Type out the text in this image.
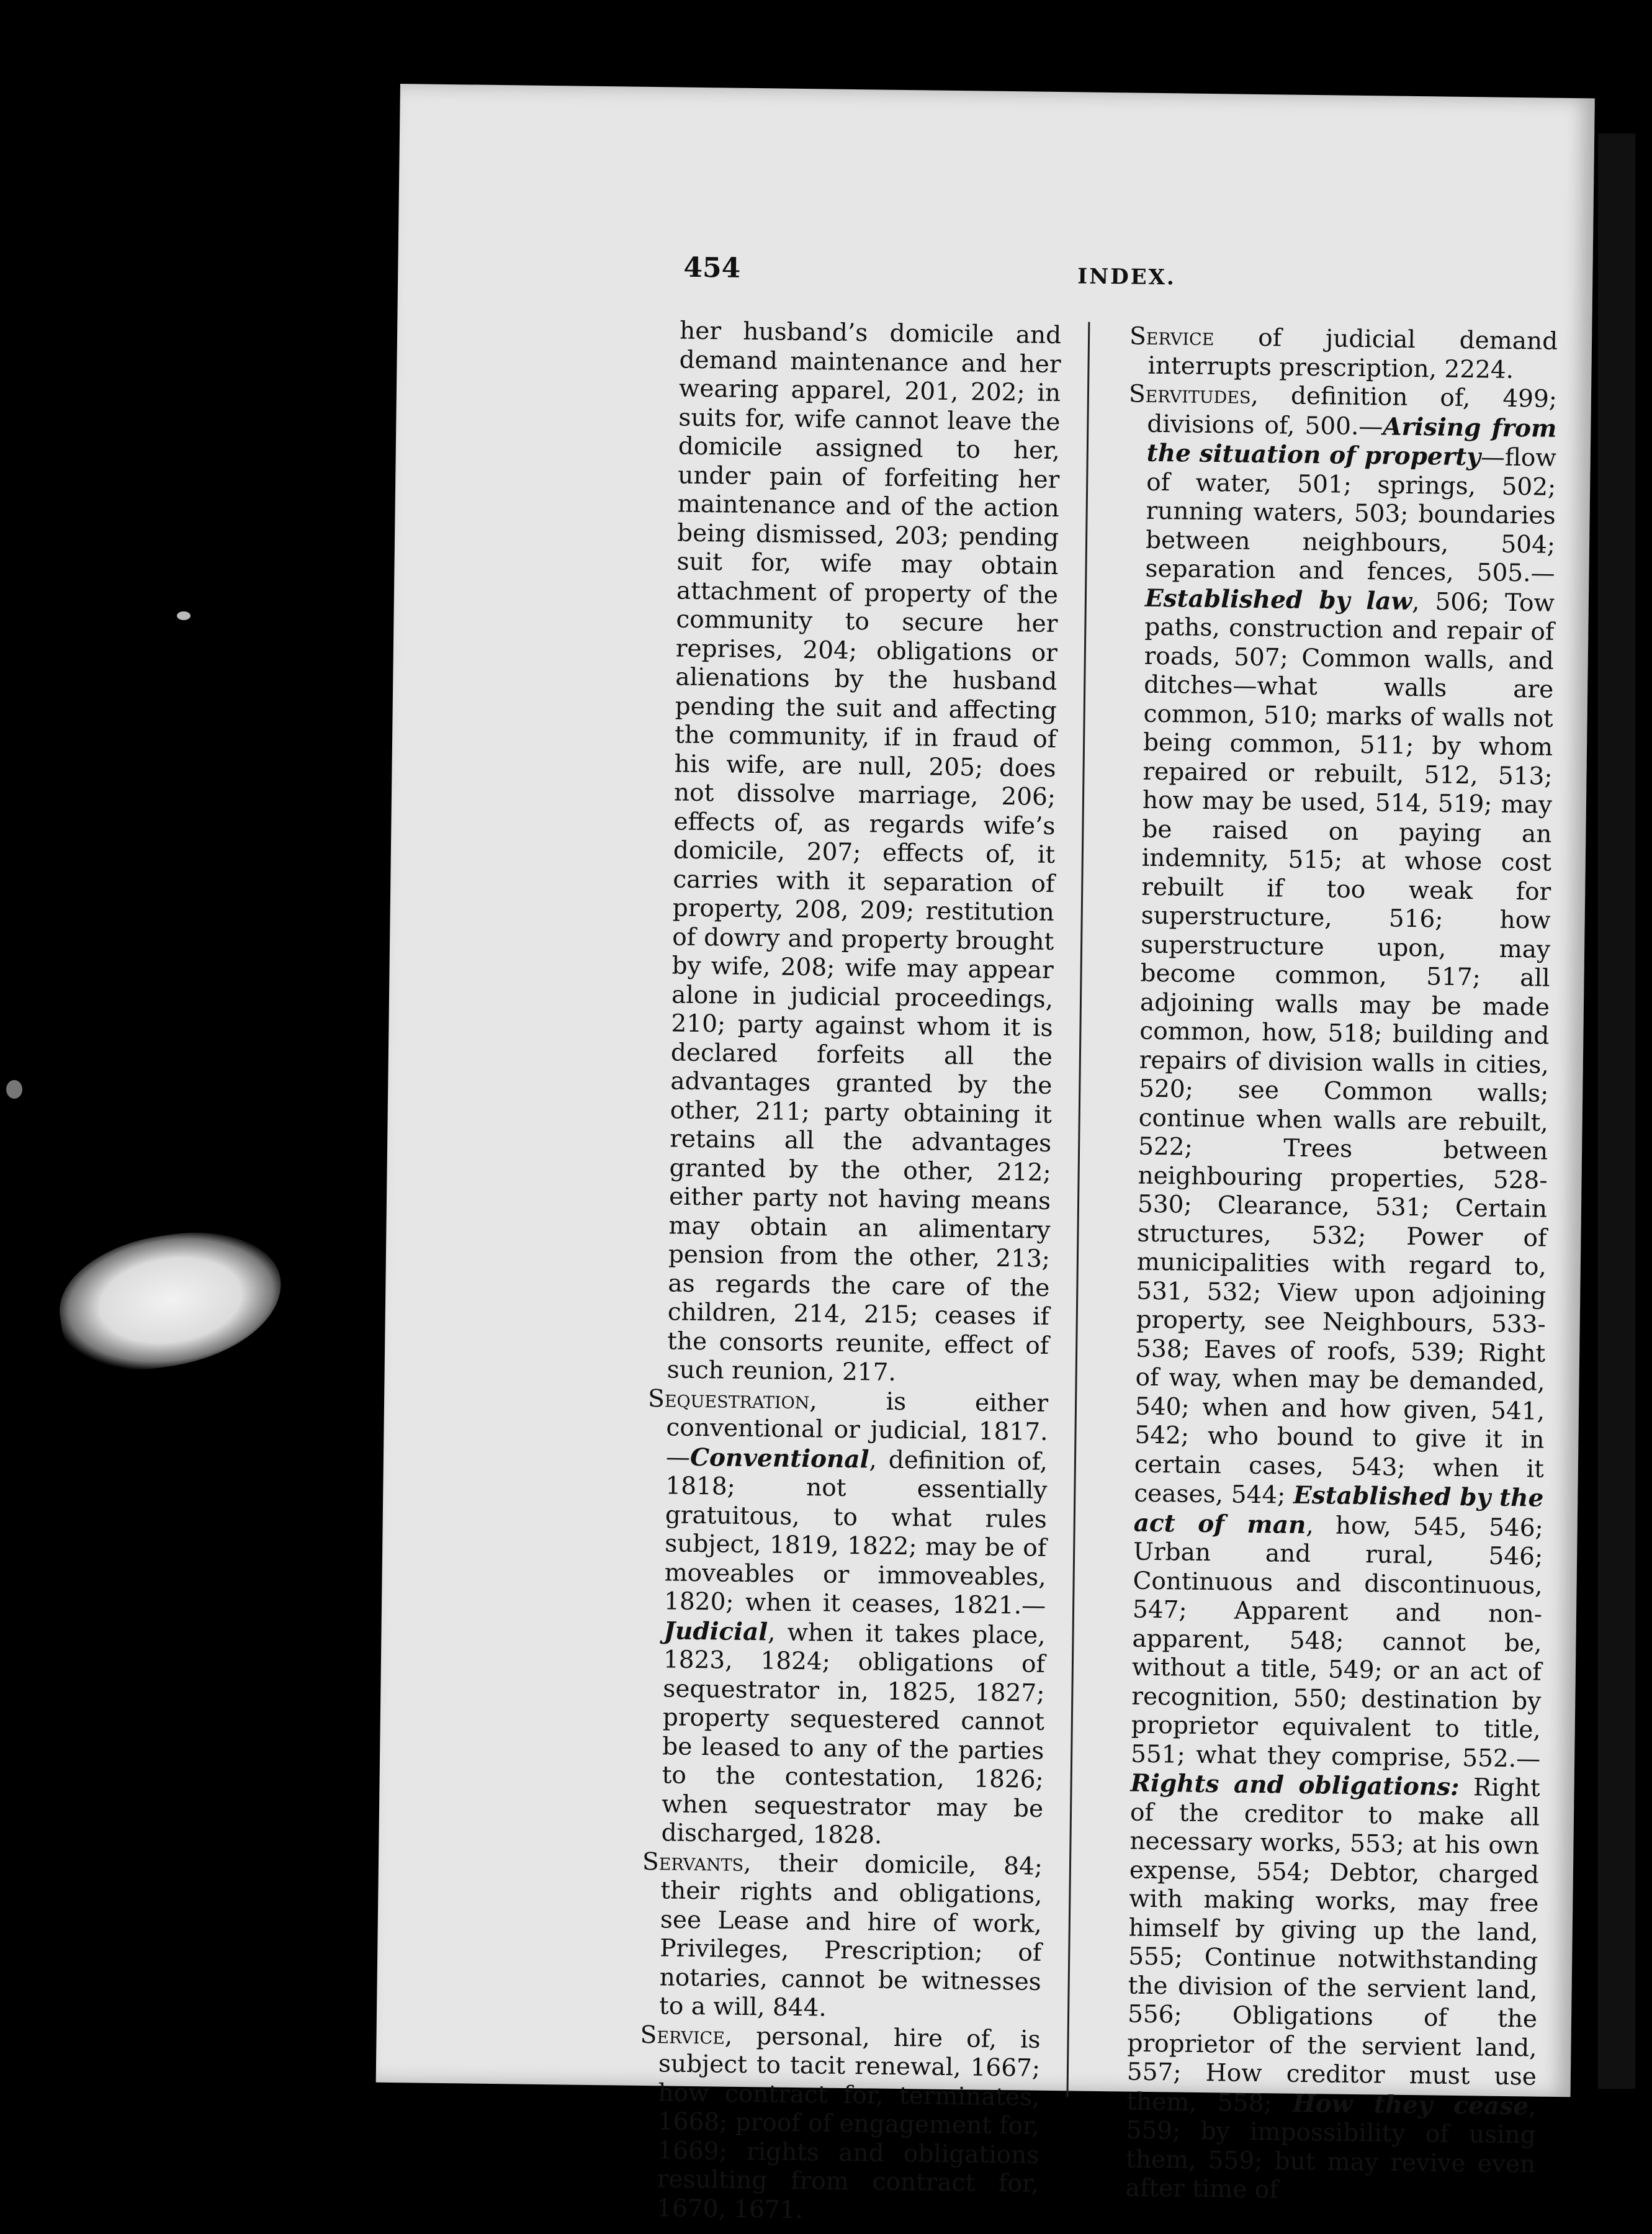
454	INDEX.

her husband’s domicile and demand maintenance and her wearing apparel, 201, 202; in suits for, wife cannot leave the domicile assigned to her, under pain of forfeiting her maintenance and of the action being dismissed, 203; pending suit for, wife may obtain attachment of property of the community to secure her reprises, 204; obligations or alienations by the husband pending the suit and affecting the community, if in fraud of his wife, are null, 205; does not dissolve marriage, 206; effects of, as regards wife’s domicile, 207; effects of, it carries with it separation of property, 208, 209; restitution of dowry and property brought by wife, 208; wife may appear alone in judicial proceedings, 210; party against whom it is declared forfeits all the advantages granted by the other, 211; party obtaining it retains all the advantages granted by the other, 212; either party not having means may obtain an alimentary pension from the other, 213; as regards the care of the children, 214, 215; ceases if the consorts reunite, effect of such reunion, 217.

Sequestration, is either conventional or judicial, 1817.—Conventional, definition of, 1818; not essentially gratuitous, to what rules subject, 1819, 1822; may be of moveables or immoveables, 1820; when it ceases, 1821.—Judicial, when it takes place, 1823, 1824; obligations of sequestrator in, 1825, 1827; property sequestered cannot be leased to any of the parties to the contestation, 1826; when sequestrator may be discharged, 1828.

Servants, their domicile, 84; their rights and obligations, see Lease and hire of work, Privileges, Prescription; of notaries, cannot be witnesses to a will, 844.

Service, personal, hire of, is subject to tacit renewal, 1667; how contract for, terminates, 1668; proof of engagement for, 1669; rights and obligations resulting from contract for, 1670, 1671.

Service of judicial demand interrupts prescription, 2224.

Servitudes, definition of, 499; divisions of, 500.—Arising from the situation of property—flow of water, 501; springs, 502; running waters, 503; boundaries between neighbours, 504; separation and fences, 505.—Established by law, 506; Tow paths, construction and repair of roads, 507; Common walls, and ditches—what walls are common, 510; marks of walls not being common, 511; by whom repaired or rebuilt, 512, 513; how may be used, 514, 519; may be raised on paying an indemnity, 515; at whose cost rebuilt if too weak for superstructure, 516; how superstructure upon, may become common, 517; all adjoining walls may be made common, how, 518; building and repairs of division walls in cities, 520; see Common walls; continue when walls are rebuilt, 522; Trees between neighbouring properties, 528-530; Clearance, 531; Certain structures, 532; Power of municipalities with regard to, 531, 532; View upon adjoining property, see Neighbours, 533-538; Eaves of roofs, 539; Right of way, when may be demanded, 540; when and how given, 541, 542; who bound to give it in certain cases, 543; when it ceases, 544; Established by the act of man, how, 545, 546; Urban and rural, 546; Continuous and discontinuous, 547; Apparent and non-apparent, 548; cannot be, without a title, 549; or an act of recognition, 550; destination by proprietor equivalent to title, 551; what they comprise, 552.—Rights and obligations: Right of the creditor to make all necessary works, 553; at his own expense, 554; Debtor, charged with making works, may free himself by giving up the land, 555; Continue notwithstanding the division of the servient land, 556; Obligations of the proprietor of the servient land, 557; How creditor must use them, 558; How they cease, 559; by impossibility of using them, 559; but may revive even after time of
